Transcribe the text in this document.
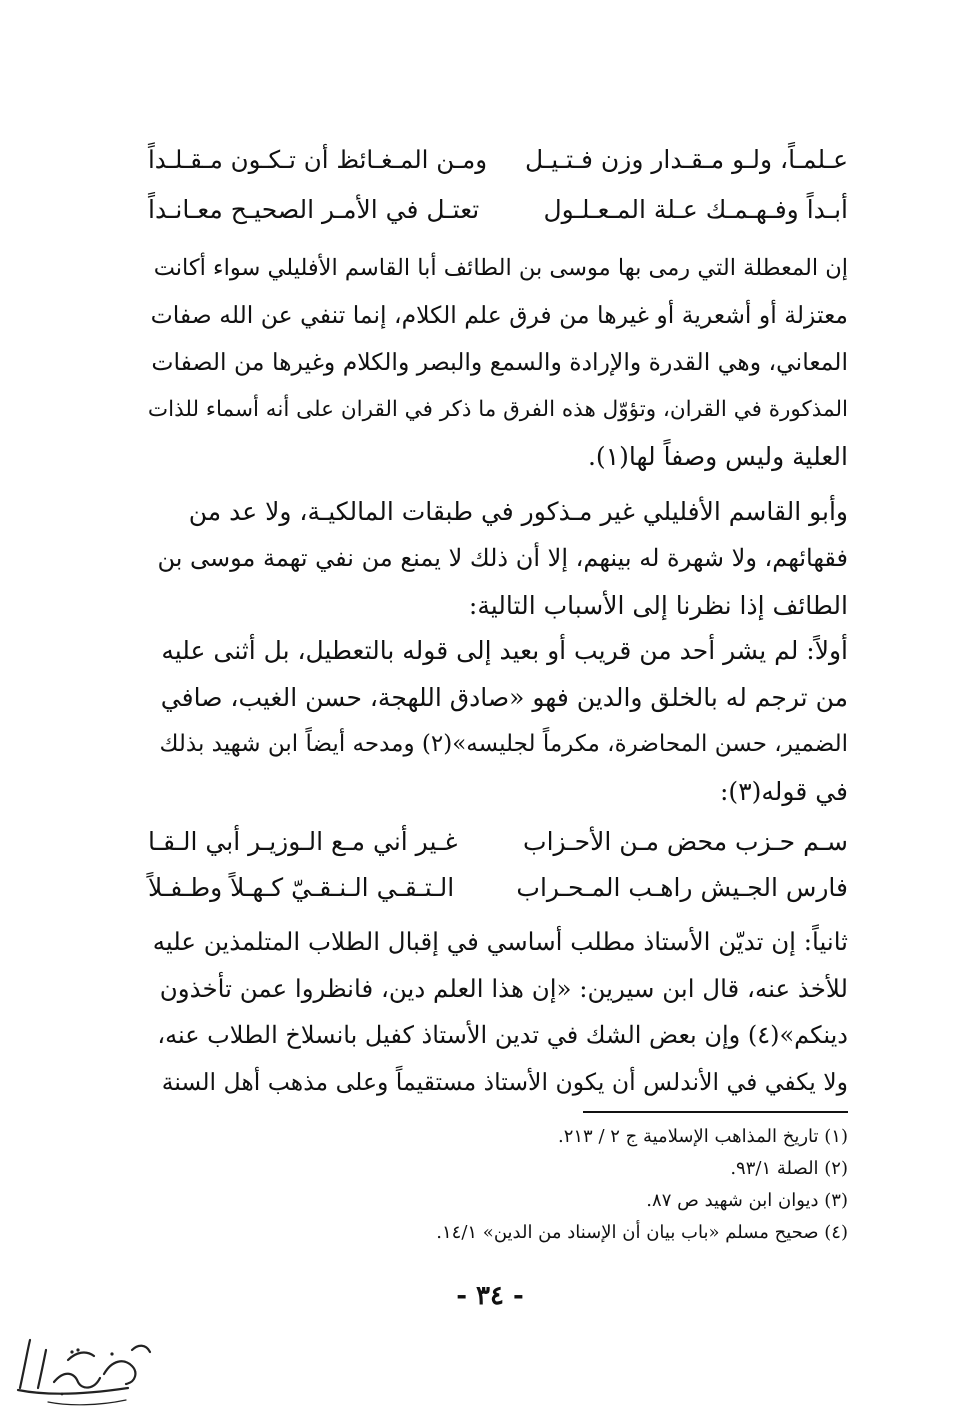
ومـن المـغـائظ أن تـكـون مـقـلـداً عـلمـاً، ولـو مـقـدار وزن فـتـيـل
تعتـل في الأمـر الصحيـح معـانـداً	أبـداً وفـهـمـك عـلة المـعـلـول
إن المعطلة التي رمى بها موسى بن الطائف أبا القاسم الأفليلي سواء أكانت
معتزلة أو أشعرية أو غيرها من فرق علم الكلام، إنما تنفي عن الله صفات
المعاني، وهي القدرة والإرادة والسمع والبصر والكلام وغيرها من الصفات
المذكورة في القران، وتؤوّل هذه الفرق ما ذكر في القران على أنه أسماء للذات
العلية وليس وصفاً لها(١).
وأبو القاسم الأفليلي غير مـذكور في طبقات المالكيـة، ولا عد من
فقهائهم، ولا شهرة له بينهم، إلا أن ذلك لا يمنع من نفي تهمة موسى بن
الطائف إذا نظرنا إلى الأسباب التالية:
أولاً: لم يشر أحد من قريب أو بعيد إلى قوله بالتعطيل، بل أثنى عليه
من ترجم له بالخلق والدين فهو «صادق اللهجة، حسن الغيب، صافي
الضمير، حسن المحاضرة، مكرماً لجليسه»(٢) ومدحه أيضاً ابن شهيد بذلك
في قوله(٣):
غـير أني مـع الـوزيـر أبي الـقـا	سـم حـزب محض مـن الأحـزاب
الـتـقـي الـنـقـيّ كـهـلاً وطـفـلاً فارس الجـيش راهـب المـحـراب
ثانياً: إن تديّن الأستاذ مطلب أساسي في إقبال الطلاب المتلمذين عليه
للأخذ عنه، قال ابن سيرين: «إن هذا العلم دين، فانظروا عمن تأخذون
دينكم»(٤) وإن بعض الشك في تدين الأستاذ كفيل بانسلاخ الطلاب عنه،
ولا يكفي في الأندلس أن يكون الأستاذ مستقيماً وعلى مذهب أهل السنة
(١) تاريخ المذاهب الإسلامية ج ٢ / ٢١٣.
(٢) الصلة ٩٣/١.
(٣) ديوان ابن شهيد ص ٨٧.
(٤) صحيح مسلم «باب بيان أن الإسناد من الدين» ١٤/١.
- ٣٤ -
